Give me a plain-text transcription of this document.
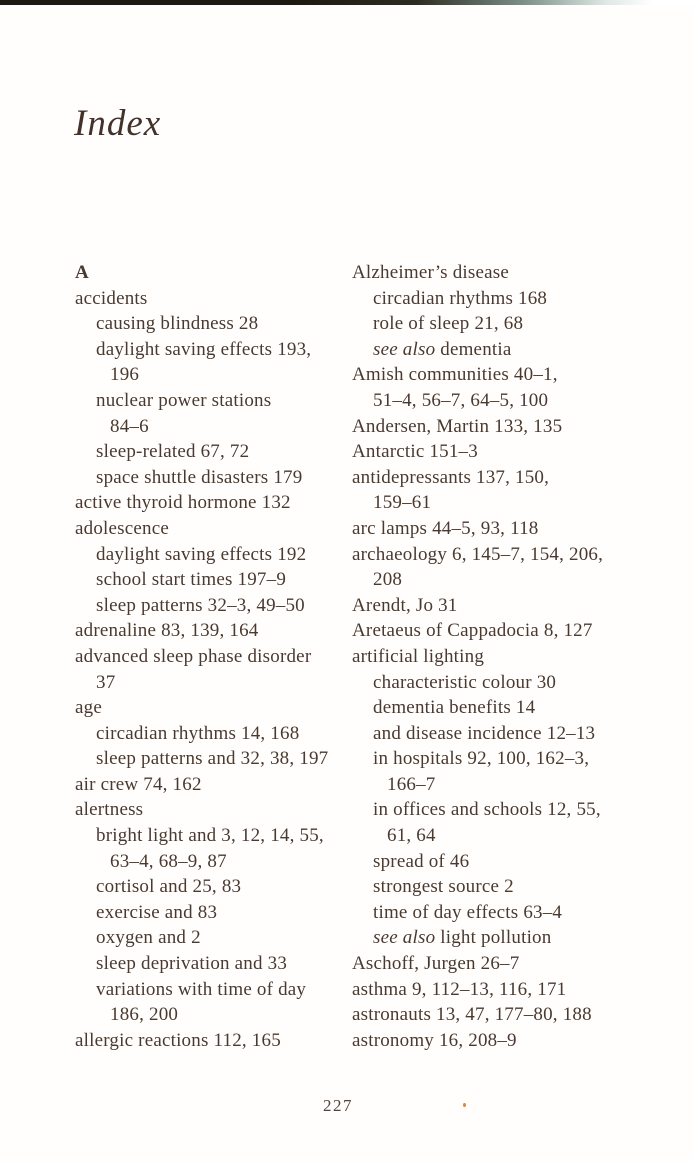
Index
A
accidents
causing blindness 28
daylight saving effects 193,
196
nuclear power stations
84–6
sleep-related 67, 72
space shuttle disasters 179
active thyroid hormone 132
adolescence
daylight saving effects 192
school start times 197–9
sleep patterns 32–3, 49–50
adrenaline 83, 139, 164
advanced sleep phase disorder
37
age
circadian rhythms 14, 168
sleep patterns and 32, 38, 197
air crew 74, 162
alertness
bright light and 3, 12, 14, 55,
63–4, 68–9, 87
cortisol and 25, 83
exercise and 83
oxygen and 2
sleep deprivation and 33
variations with time of day
186, 200
allergic reactions 112, 165
Alzheimer’s disease
circadian rhythms 168
role of sleep 21, 68
see also dementia
Amish communities 40–1,
51–4, 56–7, 64–5, 100
Andersen, Martin 133, 135
Antarctic 151–3
antidepressants 137, 150,
159–61
arc lamps 44–5, 93, 118
archaeology 6, 145–7, 154, 206,
208
Arendt, Jo 31
Aretaeus of Cappadocia 8, 127
artificial lighting
characteristic colour 30
dementia benefits 14
and disease incidence 12–13
in hospitals 92, 100, 162–3,
166–7
in offices and schools 12, 55,
61, 64
spread of 46
strongest source 2
time of day effects 63–4
see also light pollution
Aschoff, Jurgen 26–7
asthma 9, 112–13, 116, 171
astronauts 13, 47, 177–80, 188
astronomy 16, 208–9
227
